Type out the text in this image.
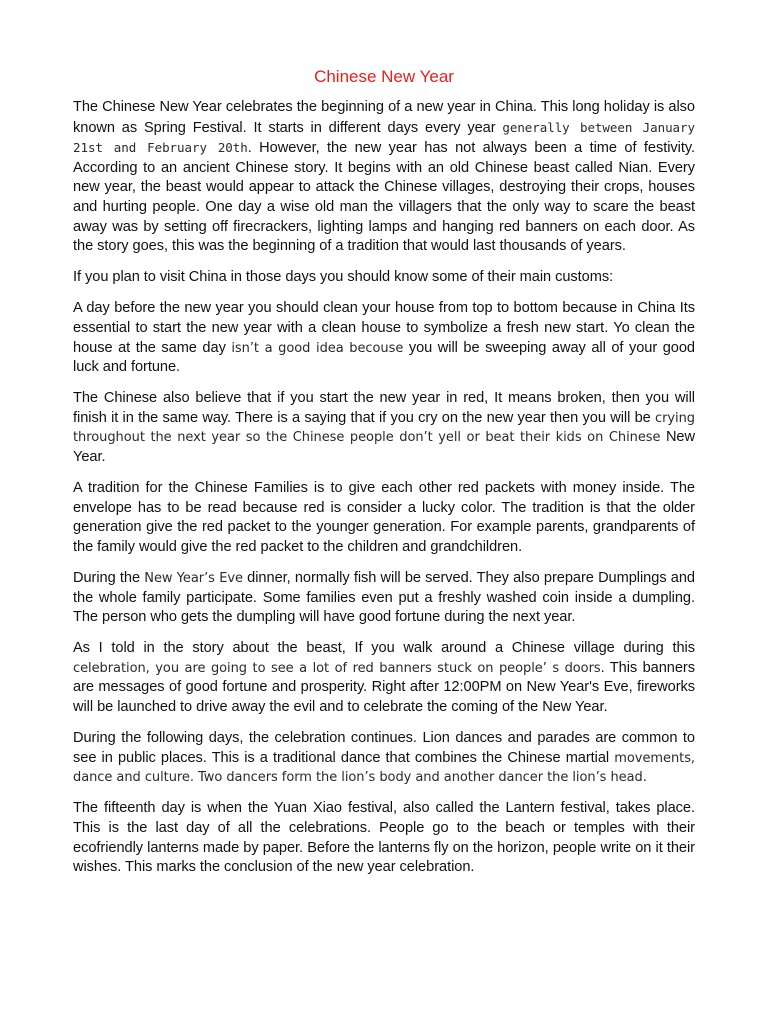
Chinese New Year

The Chinese New Year celebrates the beginning of a new year in China. This long holiday is also known as Spring Festival. It starts in different days every year generally between January 21st and February 20th. However, the new year has not always been a time of festivity. According to an ancient Chinese story. It begins with an old Chinese beast called Nian. Every new year, the beast would appear to attack the Chinese villages, destroying their crops, houses and hurting people. One day a wise old man the villagers that the only way to scare the beast away was by setting off firecrackers, lighting lamps and hanging red banners on each door. As the story goes, this was the beginning of a tradition that would last thousands of years.

If you plan to visit China in those days you should know some of their main customs:

A day before the new year you should clean your house from top to bottom because in China Its essential to start the new year with a clean house to symbolize a fresh new start. Yo clean the house at the same day isn’t a good idea becouse you will be sweeping away all of your good luck and fortune.

The Chinese also believe that if you start the new year in red, It means broken, then you will finish it in the same way. There is a saying that if you cry on the new year then you will be crying throughout the next year so the Chinese people don’t yell or beat their kids on Chinese New Year.

A tradition for the Chinese Families is to give each other red packets with money inside. The envelope has to be read because red is consider a lucky color. The tradition is that the older generation give the red packet to the younger generation. For example parents, grandparents of the family would give the red packet to the children and grandchildren.

During the New Year’s Eve dinner, normally fish will be served. They also prepare Dumplings and the whole family participate. Some families even put a freshly washed coin inside a dumpling. The person who gets the dumpling will have good fortune during the next year.

As I told in the story about the beast, If you walk around a Chinese village during this celebration, you are going to see a lot of red banners stuck on people’ s doors. This banners are messages of good fortune and prosperity. Right after 12:00PM on New Year's Eve, fireworks will be launched to drive away the evil and to celebrate the coming of the New Year.

During the following days, the celebration continues. Lion dances and parades are common to see in public places. This is a traditional dance that combines the Chinese martial movements, dance and culture. Two dancers form the lion’s body and another dancer the lion’s head.

The fifteenth day is when the Yuan Xiao festival, also called the Lantern festival, takes place. This is the last day of all the celebrations. People go to the beach or temples with their ecofriendly lanterns made by paper. Before the lanterns fly on the horizon, people write on it their wishes. This marks the conclusion of the new year celebration.
